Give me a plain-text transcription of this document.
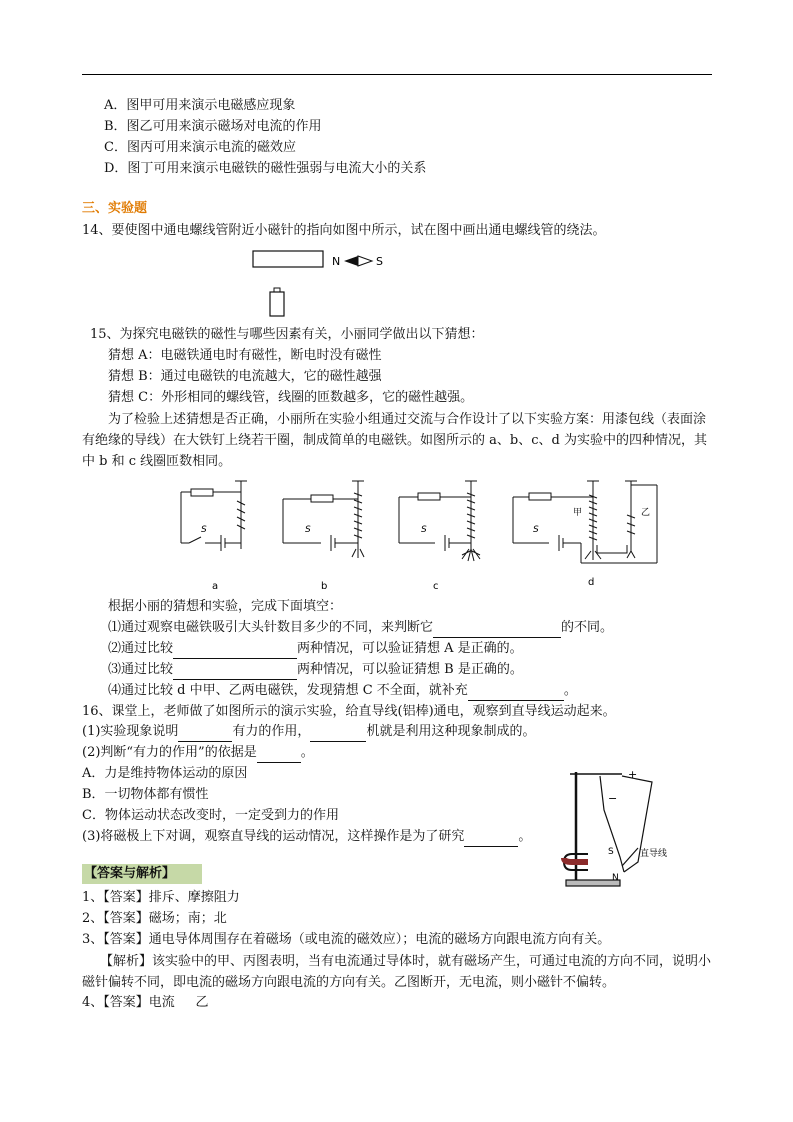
A．图甲可用来演示电磁感应现象
B．图乙可用来演示磁场对电流的作用
C．图丙可用来演示电流的磁效应
D．图丁可用来演示电磁铁的磁性强弱与电流大小的关系
三、实验题
14、要使图中通电螺线管附近小磁针的指向如图中所示，试在图中画出通电螺线管的绕法。
N	S
15、为探究电磁铁的磁性与哪些因素有关，小丽同学做出以下猜想：
猜想 A：电磁铁通电时有磁性，断电时没有磁性
猜想 B：通过电磁铁的电流越大，它的磁性越强
猜想 C：外形相同的螺线管，线圈的匝数越多，它的磁性越强。
为了检验上述猜想是否正确，小丽所在实验小组通过交流与合作设计了以下实验方案：用漆包线（表面涂有绝缘的导线）在大铁钉上绕若干圈，制成简单的电磁铁。如图所示的 a、b、c、d 为实验中的四种情况，其中 b 和 c 线圈匝数相同。
S	S	S	S
甲	乙
a	b	c	d
根据小丽的猜想和实验，完成下面填空：
⑴通过观察电磁铁吸引大头针数目多少的不同，来判断它	的不同。
⑵通过比较	两种情况，可以验证猜想 A 是正确的。
⑶通过比较	两种情况，可以验证猜想 B 是正确的。
⑷通过比较 d 中甲、乙两电磁铁，发现猜想 C 不全面，就补充	。
16、课堂上，老师做了如图所示的演示实验，给直导线(铝棒)通电，观察到直导线运动起来。
(1)实验现象说明	有力的作用，	机就是利用这种现象制成的。
(2)判断“有力的作用”的依据是	。
A．力是维持物体运动的原因
B．一切物体都有惯性
C．物体运动状态改变时，一定受到力的作用
(3)将磁极上下对调，观察直导线的运动情况，这样操作是为了研究	。
+
−
S
N
直导线
【答案与解析】
1、【答案】排斥、摩擦阻力
2、【答案】磁场；南；北
3、【答案】通电导体周围存在着磁场（或电流的磁效应）；电流的磁场方向跟电流方向有关。
【解析】该实验中的甲、丙图表明，当有电流通过导体时，就有磁场产生，可通过电流的方向不同，说明小磁针偏转不同，即电流的磁场方向跟电流的方向有关。乙图断开，无电流，则小磁针不偏转。
4、【答案】电流     乙
